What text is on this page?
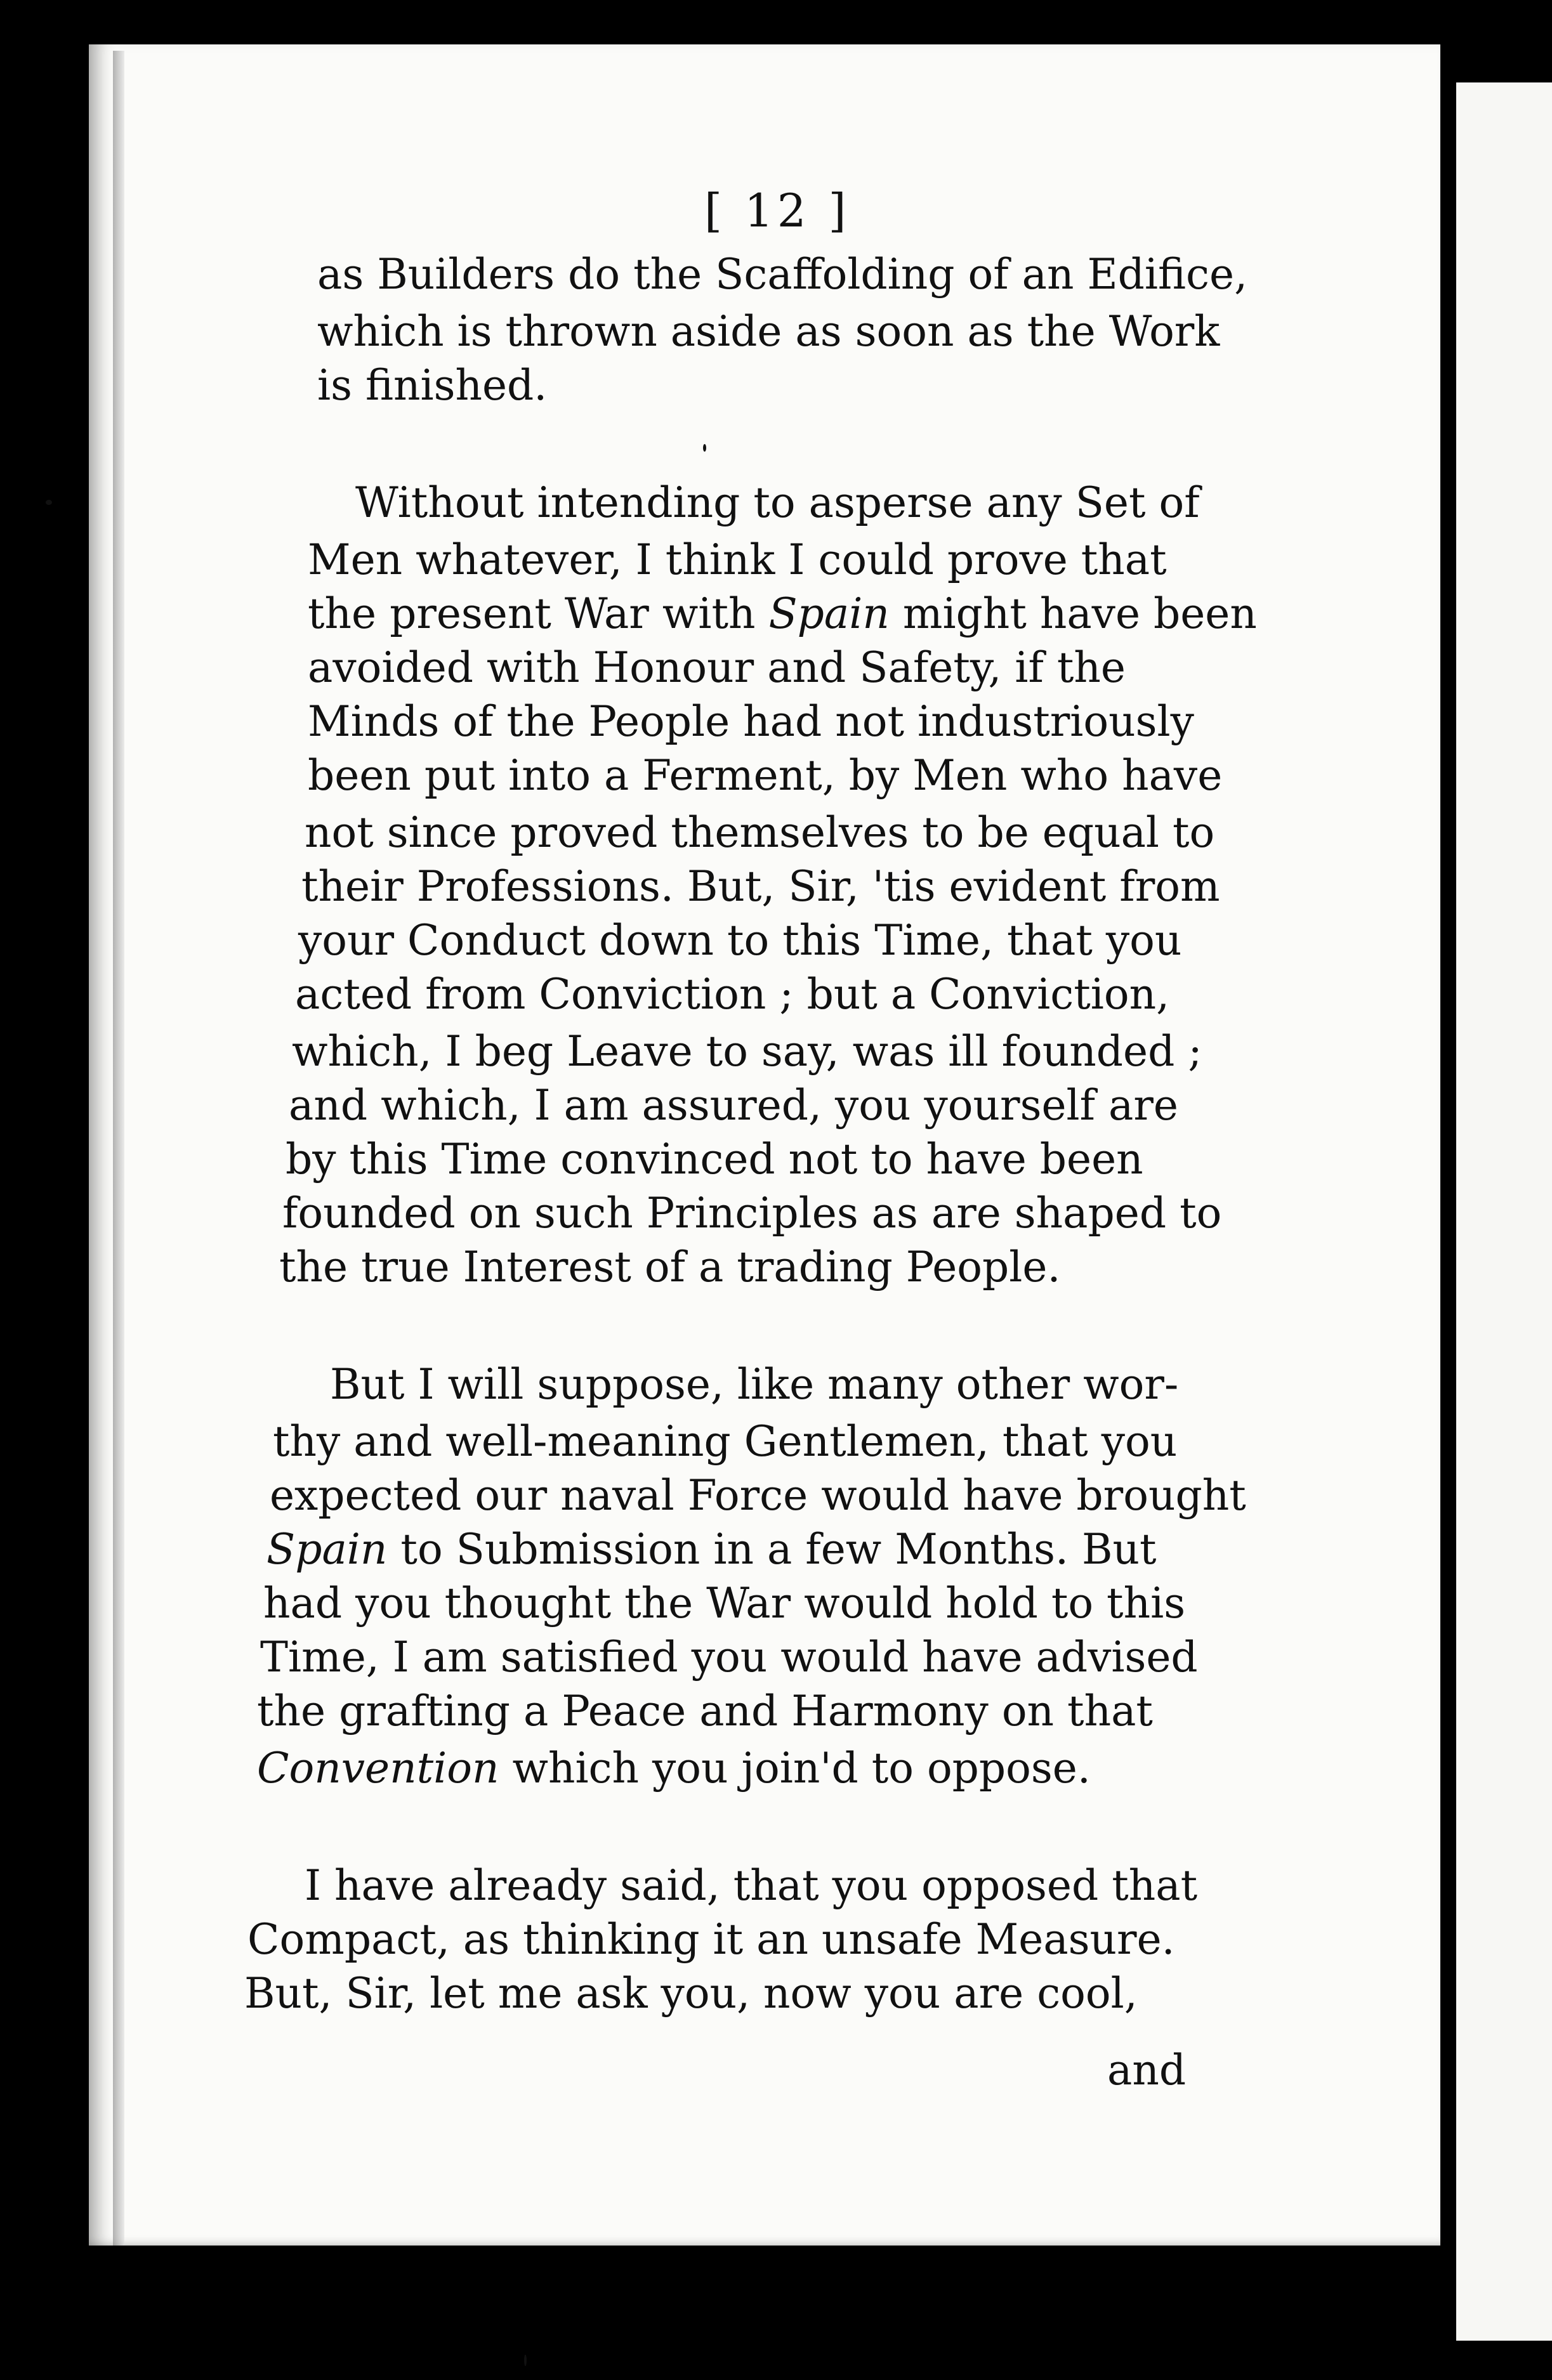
[ 12 ]
as Builders do the Scaffolding of an Edifice,
which is thrown aside as soon as the Work
is finished.
Without intending to asperse any Set of
Men whatever, I think I could prove that
the present War with Spain might have been
avoided with Honour and Safety, if the
Minds of the People had not industriously
been put into a Ferment, by Men who have
not since proved themselves to be equal to
their Professions. But, Sir, 'tis evident from
your Conduct down to this Time, that you
acted from Conviction ; but a Conviction,
which, I beg Leave to say, was ill founded ;
and which, I am assured, you yourself are
by this Time convinced not to have been
founded on such Principles as are shaped to
the true Interest of a trading People.
But I will suppose, like many other wor-
thy and well-meaning Gentlemen, that you
expected our naval Force would have brought
Spain to Submission in a few Months. But
had you thought the War would hold to this
Time, I am satisfied you would have advised
the grafting a Peace and Harmony on that
Convention which you join'd to oppose.
I have already said, that you opposed that
Compact, as thinking it an unsafe Measure.
But, Sir, let me ask you, now you are cool,
and
